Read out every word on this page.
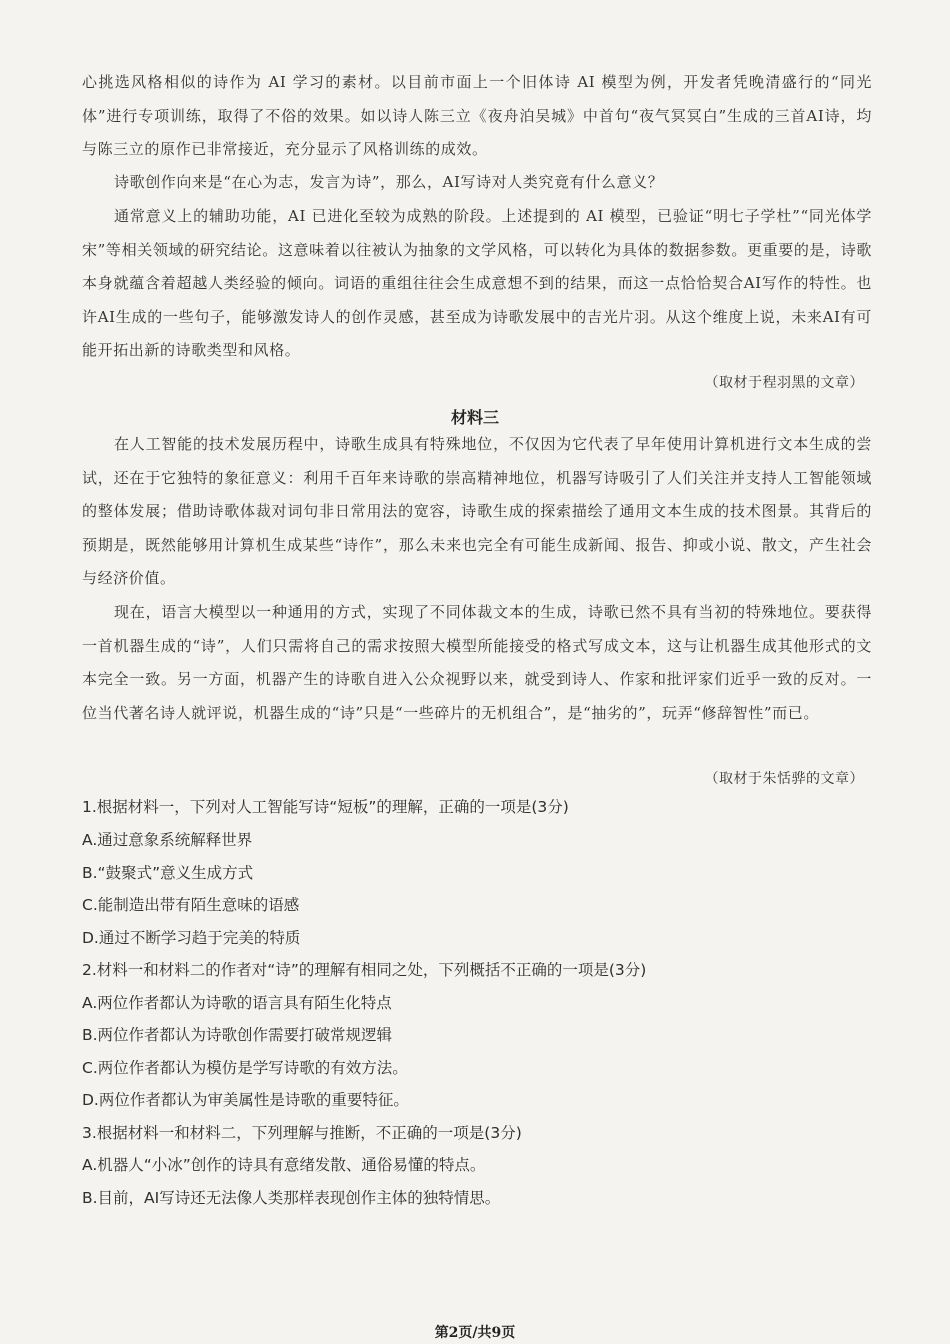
心挑选风格相似的诗作为 AI 学习的素材。以目前市面上一个旧体诗 AI 模型为例，开发者凭晚清盛行的“同光体”进行专项训练，取得了不俗的效果。如以诗人陈三立《夜舟泊吴城》中首句“夜气冥冥白”生成的三首AI诗，均与陈三立的原作已非常接近，充分显示了风格训练的成效。

诗歌创作向来是“在心为志，发言为诗”，那么，AI写诗对人类究竟有什么意义？

通常意义上的辅助功能，AI 已进化至较为成熟的阶段。上述提到的 AI 模型，已验证“明七子学杜”“同光体学宋”等相关领域的研究结论。这意味着以往被认为抽象的文学风格，可以转化为具体的数据参数。更重要的是，诗歌本身就蕴含着超越人类经验的倾向。词语的重组往往会生成意想不到的结果，而这一点恰恰契合AI写作的特性。也许AI生成的一些句子，能够激发诗人的创作灵感，甚至成为诗歌发展中的吉光片羽。从这个维度上说，未来AI有可能开拓出新的诗歌类型和风格。

（取材于程羽黑的文章）
材料三

在人工智能的技术发展历程中，诗歌生成具有特殊地位，不仅因为它代表了早年使用计算机进行文本生成的尝试，还在于它独特的象征意义：利用千百年来诗歌的崇高精神地位，机器写诗吸引了人们关注并支持人工智能领域的整体发展；借助诗歌体裁对词句非日常用法的宽容，诗歌生成的探索描绘了通用文本生成的技术图景。其背后的预期是，既然能够用计算机生成某些“诗作”，那么未来也完全有可能生成新闻、报告、抑或小说、散文，产生社会与经济价值。

现在，语言大模型以一种通用的方式，实现了不同体裁文本的生成，诗歌已然不具有当初的特殊地位。要获得一首机器生成的“诗”，人们只需将自己的需求按照大模型所能接受的格式写成文本，这与让机器生成其他形式的文本完全一致。另一方面，机器产生的诗歌自进入公众视野以来，就受到诗人、作家和批评家们近乎一致的反对。一位当代著名诗人就评说，机器生成的“诗”只是“一些碎片的无机组合”，是“抽劣的”，玩弄“修辞智性”而已。

（取材于朱恬骅的文章）
1.根据材料一，下列对人工智能写诗“短板”的理解，正确的一项是(3分)
A.通过意象系统解释世界
B.“鼓聚式”意义生成方式
C.能制造出带有陌生意味的语感
D.通过不断学习趋于完美的特质
2.材料一和材料二的作者对“诗”的理解有相同之处，下列概括不正确的一项是(3分)
A.两位作者都认为诗歌的语言具有陌生化特点
B.两位作者都认为诗歌创作需要打破常规逻辑
C.两位作者都认为模仿是学写诗歌的有效方法。
D.两位作者都认为审美属性是诗歌的重要特征。
3.根据材料一和材料二，下列理解与推断，不正确的一项是(3分)
A.机器人“小冰”创作的诗具有意绪发散、通俗易懂的特点。
B.目前，AI写诗还无法像人类那样表现创作主体的独特情思。
第2页/共9页
